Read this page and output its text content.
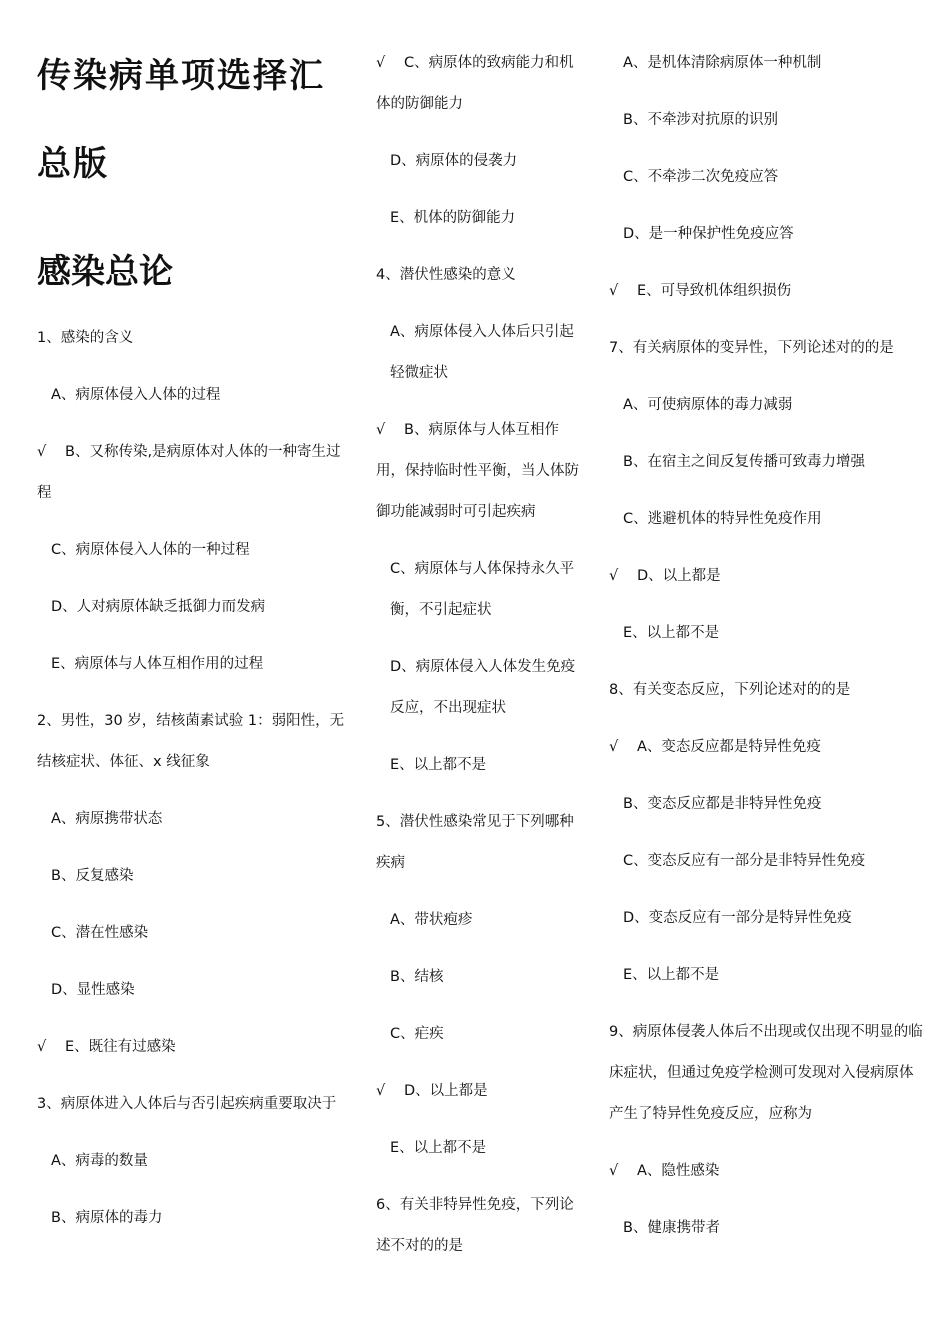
传染病单项选择汇
总版
感染总论
1、感染的含义
A、病原体侵入人体的过程
√ B、又称传染,是病原体对人体的一种寄生过程
C、病原体侵入人体的一种过程
D、人对病原体缺乏抵御力而发病
E、病原体与人体互相作用的过程
2、男性，30 岁，结核菌素试验 1：弱阳性，无结核症状、体征、x 线征象
A、病原携带状态
B、反复感染
C、潜在性感染
D、显性感染
√ E、既往有过感染
3、病原体进入人体后与否引起疾病重要取决于
A、病毒的数量
B、病原体的毒力
√ C、病原体的致病能力和机体的防御能力
D、病原体的侵袭力
E、机体的防御能力
4、潜伏性感染的意义
A、病原体侵入人体后只引起轻微症状
√ B、病原体与人体互相作用，保持临时性平衡，当人体防御功能减弱时可引起疾病
C、病原体与人体保持永久平衡，不引起症状
D、病原体侵入人体发生免疫反应，不出现症状
E、以上都不是
5、潜伏性感染常见于下列哪种疾病
A、带状疱疹
B、结核
C、疟疾
√ D、以上都是
E、以上都不是
6、有关非特异性免疫，下列论述不对的的是
A、是机体清除病原体一种机制
B、不牵涉对抗原的识别
C、不牵涉二次免疫应答
D、是一种保护性免疫应答
√ E、可导致机体组织损伤
7、有关病原体的变异性，下列论述对的的是
A、可使病原体的毒力减弱
B、在宿主之间反复传播可致毒力增强
C、逃避机体的特异性免疫作用
√ D、以上都是
E、以上都不是
8、有关变态反应，下列论述对的的是
√ A、变态反应都是特异性免疫
B、变态反应都是非特异性免疫
C、变态反应有一部分是非特异性免疫
D、变态反应有一部分是特异性免疫
E、以上都不是
9、病原体侵袭人体后不出现或仅出现不明显的临床症状，但通过免疫学检测可发现对入侵病原体产生了特异性免疫反应，应称为
√ A、隐性感染
B、健康携带者
